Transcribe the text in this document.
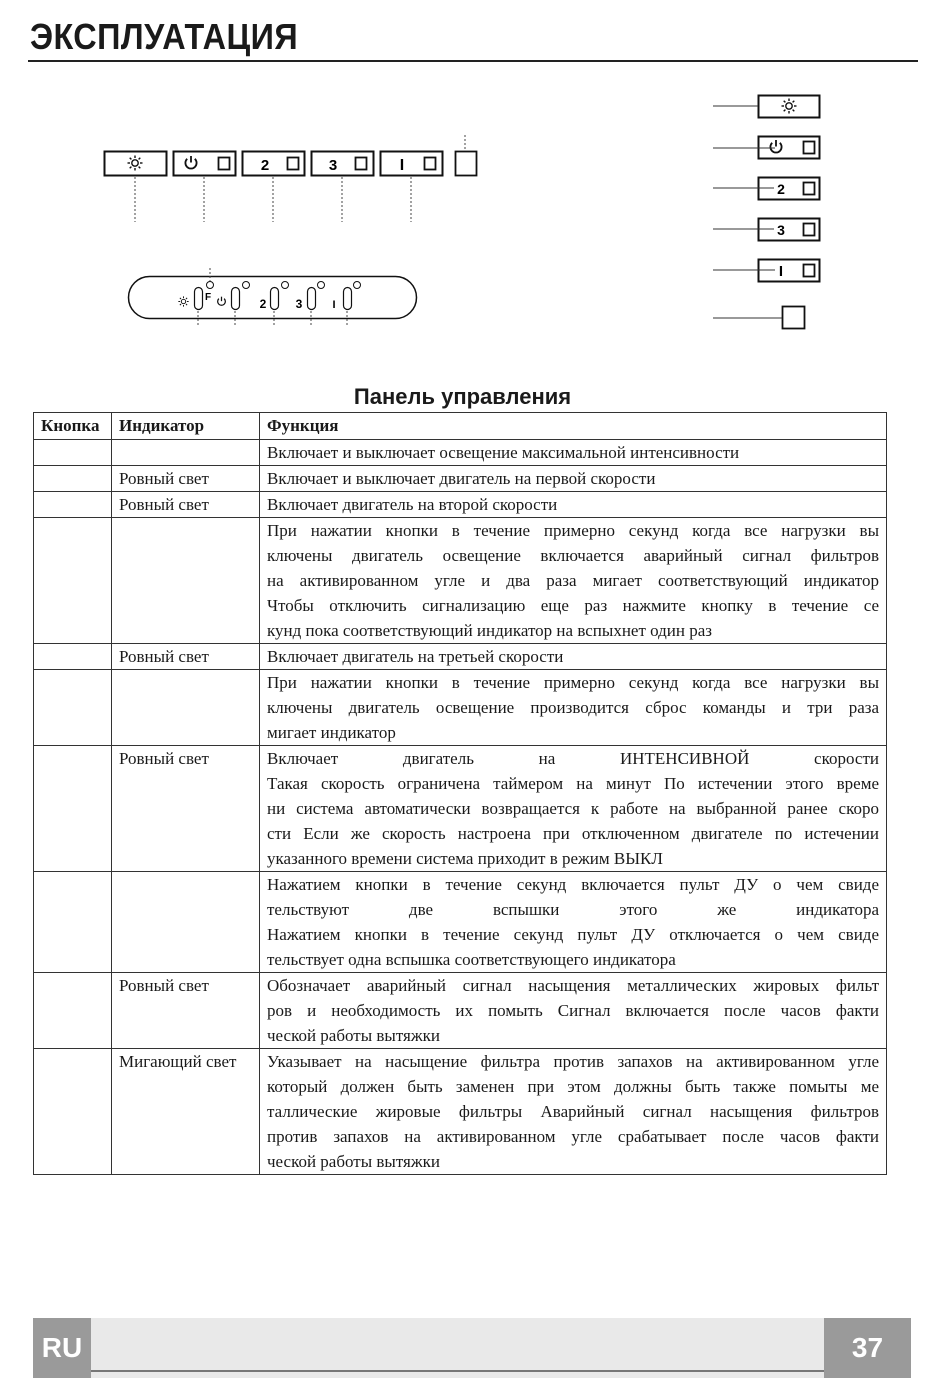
ЭКСПЛУАТАЦИЯ
2	3	I
F	2 3	I
2
3
I
Панель управления
Кнопка	Индикатор	Функция

		Включает и выключает освещение максимальной интенсивности

	Ровный свет	Включает и выключает двигатель на первой скорости

	Ровный свет	Включает двигатель на второй скорости

		При нажатии кнопки в течение примерно секунд когда все нагрузки вы
ключены двигатель освещение включается аварийный сигнал фильтров
на активированном угле и два раза мигает соответствующий индикатор
Чтобы отключить сигнализацию еще раз нажмите кнопку в течение се
кунд пока соответствующий индикатор на вспыхнет один раз

	Ровный свет	Включает двигатель на третьей скорости

		При нажатии кнопки в течение примерно секунд когда все нагрузки вы
ключены двигатель освещение производится сброс команды и три раза
мигает индикатор

	Ровный свет	Включает двигатель на ИНТЕНСИВНОЙ скорости
Такая скорость ограничена таймером на минут По истечении этого време
ни система автоматически возвращается к работе на выбранной ранее скоро
сти Если же скорость настроена при отключенном двигателе по истечении
указанного времени система приходит в режим ВЫКЛ

		Нажатием кнопки в течение секунд включается пульт ДУ о чем свиде
тельствуют две вспышки этого же индикатора
Нажатием кнопки в течение секунд пульт ДУ отключается о чем свиде
тельствует одна вспышка соответствующего индикатора

	Ровный свет	Обозначает аварийный сигнал насыщения металлических жировых фильт
ров и необходимость их помыть Сигнал включается после часов факти
ческой работы вытяжки

	Мигающий свет	Указывает на насыщение фильтра против запахов на активированном угле
который должен быть заменен при этом должны быть также помыты ме
таллические жировые фильтры Аварийный сигнал насыщения фильтров
против запахов на активированном угле срабатывает после часов факти
ческой работы вытяжки
RU	37
